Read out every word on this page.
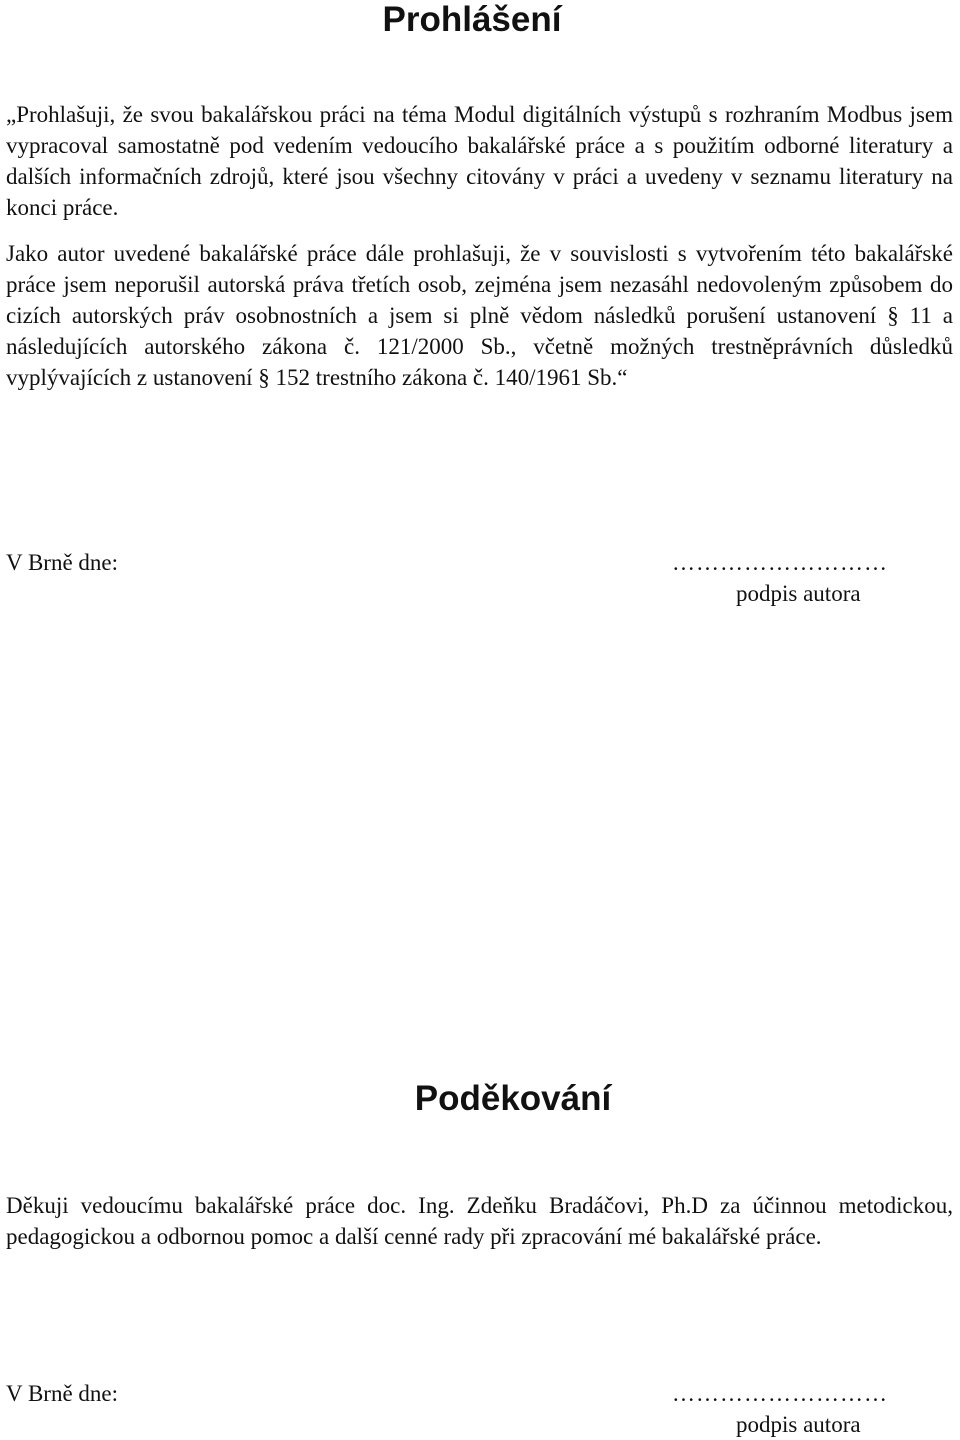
Prohlášení

„Prohlašuji, že svou bakalářskou práci na téma Modul digitálních výstupů s rozhraním Modbus jsem vypracoval samostatně pod vedením vedoucího bakalářské práce a s použitím odborné literatury a dalších informačních zdrojů, které jsou všechny citovány v práci a uvedeny v seznamu literatury na konci práce.

Jako autor uvedené bakalářské práce dále prohlašuji, že v souvislosti s vytvořením této bakalářské práce jsem neporušil autorská práva třetích osob, zejména jsem nezasáhl nedovoleným způsobem do cizích autorských práv osobnostních a jsem si plně vědom následků porušení ustanovení § 11 a následujících autorského zákona č. 121/2000 Sb., včetně možných trestněprávních důsledků vyplývajících z ustanovení § 152 trestního zákona č. 140/1961 Sb.“

V Brně dne:	………………………
podpis autora
Poděkování

Děkuji vedoucímu bakalářské práce doc. Ing. Zdeňku Bradáčovi, Ph.D za účinnou metodickou, pedagogickou a odbornou pomoc a další cenné rady při zpracování mé bakalářské práce.

V Brně dne:	………………………
podpis autora
